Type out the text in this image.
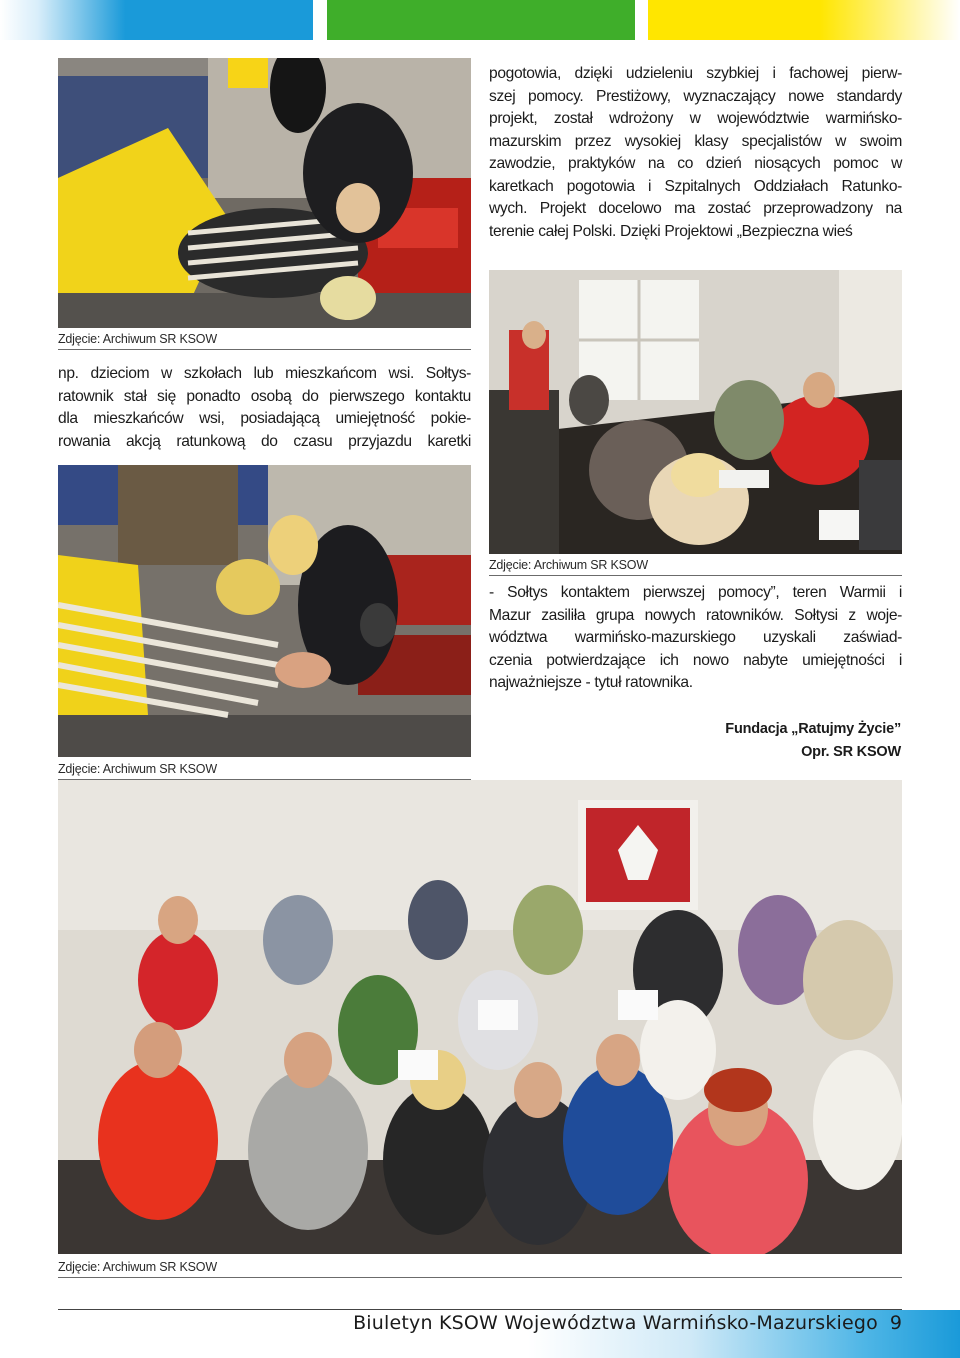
Zdjęcie: Archiwum SR KSOW
pogotowia, dzięki udzieleniu szybkiej i fachowej pierw-
szej pomocy. Prestiżowy, wyznaczający nowe standardy
projekt, został wdrożony w województwie warmińsko-
mazurskim przez wysokiej klasy specjalistów w swoim
zawodzie, praktyków na co dzień niosących pomoc w
karetkach pogotowia i Szpitalnych Oddziałach Ratunko-
wych. Projekt docelowo ma zostać przeprowadzony na
terenie całej Polski. Dzięki Projektowi „Bezpieczna wieś
Zdjęcie: Archiwum SR KSOW
np. dzieciom w szkołach lub mieszkańcom wsi. Sołtys-
ratownik stał się ponadto osobą do pierwszego kontaktu
dla mieszkańców wsi, posiadającą umiejętność pokie-
rowania akcją ratunkową do czasu przyjazdu karetki
Zdjęcie: Archiwum SR KSOW
- Sołtys kontaktem pierwszej pomocy”, teren Warmii i
Mazur zasiliła grupa nowych ratowników. Sołtysi z woje-
wództwa warmińsko-mazurskiego uzyskali zaświad-
czenia potwierdzające ich nowo nabyte umiejętności i
najważniejsze - tytuł ratownika.
Fundacja „Ratujmy Życie”
Opr. SR KSOW
Zdjęcie: Archiwum SR KSOW
Biuletyn KSOW Województwa Warmińsko-Mazurskiego 9
